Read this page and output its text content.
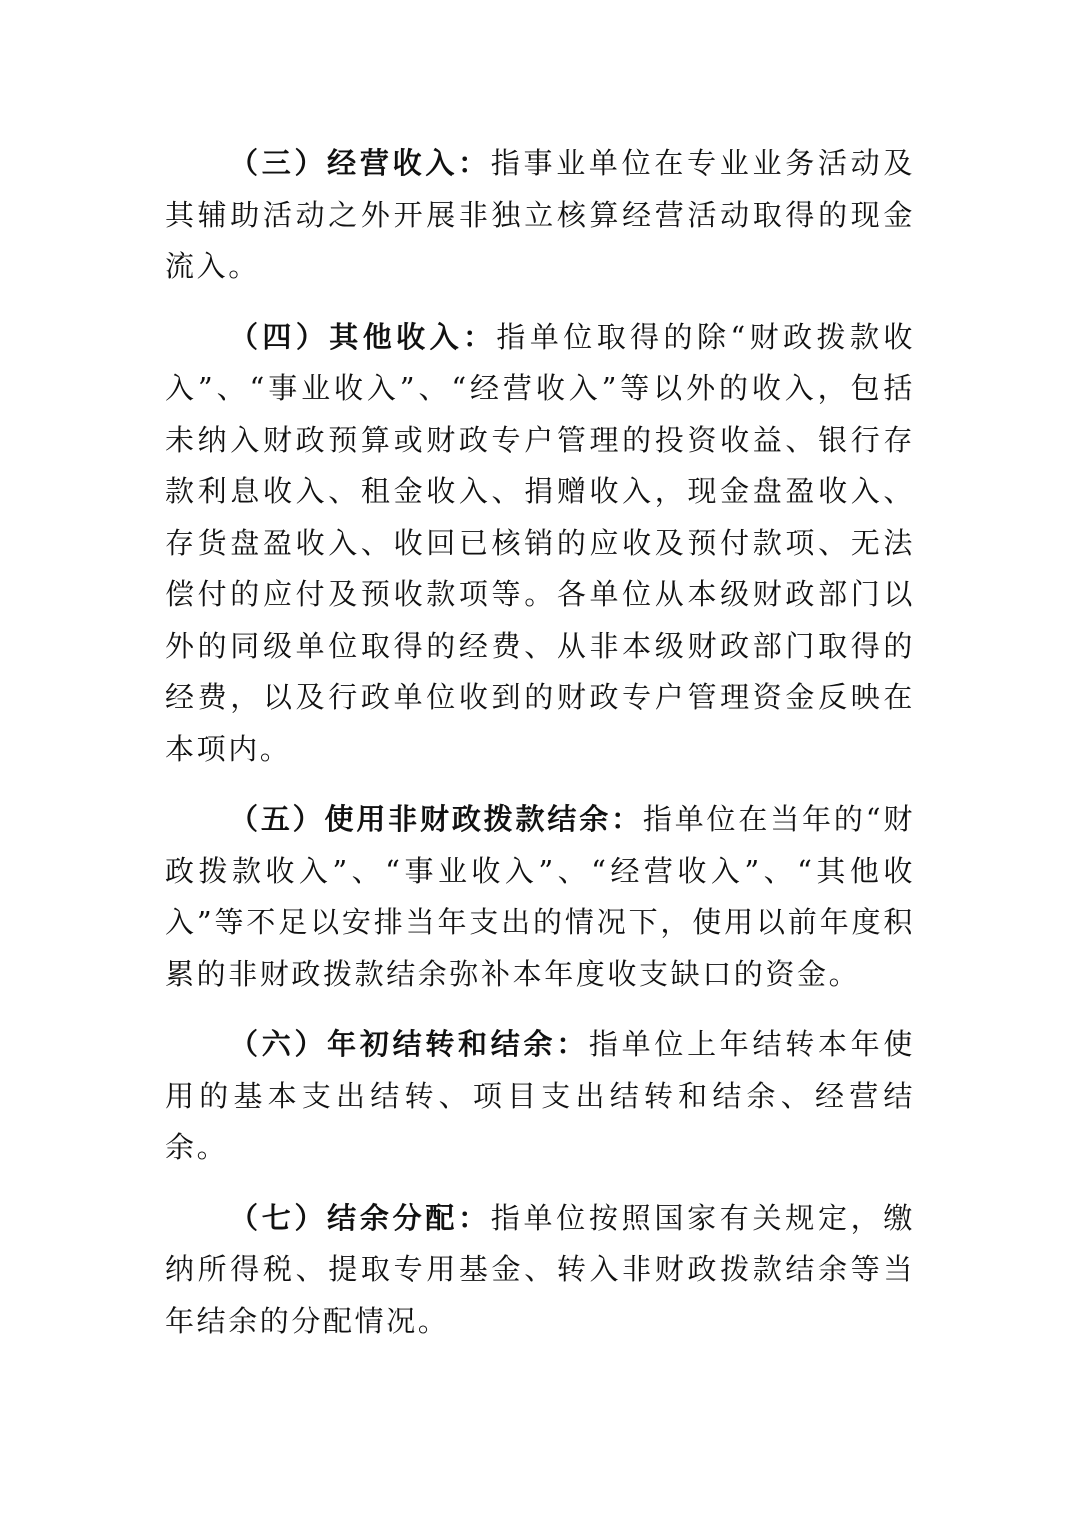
（三）经营收入：指事业单位在专业业务活动及其辅助活动之外开展非独立核算经营活动取得的现金流入。

（四）其他收入：指单位取得的除“财政拨款收入”、“事业收入”、“经营收入”等以外的收入，包括未纳入财政预算或财政专户管理的投资收益、银行存款利息收入、租金收入、捐赠收入，现金盘盈收入、存货盘盈收入、收回已核销的应收及预付款项、无法偿付的应付及预收款项等。各单位从本级财政部门以外的同级单位取得的经费、从非本级财政部门取得的经费，以及行政单位收到的财政专户管理资金反映在本项内。

（五）使用非财政拨款结余：指单位在当年的“财政拨款收入”、“事业收入”、“经营收入”、“其他收入”等不足以安排当年支出的情况下，使用以前年度积累的非财政拨款结余弥补本年度收支缺口的资金。

（六）年初结转和结余：指单位上年结转本年使用的基本支出结转、项目支出结转和结余、经营结余。

（七）结余分配：指单位按照国家有关规定，缴纳所得税、提取专用基金、转入非财政拨款结余等当年结余的分配情况。
